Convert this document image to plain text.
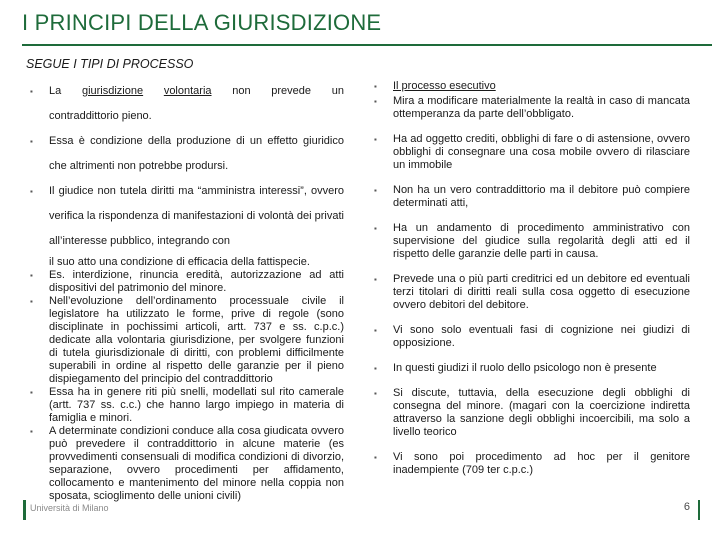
I PRINCIPI DELLA GIURISDIZIONE
SEGUE I TIPI DI PROCESSO
▪ La giurisdizione volontaria non prevede un
contraddittorio pieno.
▪ Essa è condizione della produzione di un effetto giuridico che altrimenti non potrebbe prodursi.
▪ Il giudice non tutela diritti ma “amministra interessi”, ovvero verifica la rispondenza di manifestazioni di volontà dei privati all’interesse pubblico, integrando con
il suo atto una condizione di efficacia della fattispecie.
▪ Es. interdizione, rinuncia eredità, autorizzazione ad atti dispositivi del patrimonio del minore.
▪ Nell’evoluzione dell’ordinamento processuale civile il legislatore ha utilizzato le forme, prive di regole (sono disciplinate in pochissimi articoli, artt. 737 e ss. c.p.c.) dedicate alla volontaria giurisdizione, per svolgere funzioni di tutela giurisdizionale di diritti, con problemi difficilmente superabili in ordine al rispetto delle garanzie per il pieno dispiegamento del principio del contraddittorio
▪ Essa ha in genere riti più snelli, modellati sul rito camerale (artt. 737 ss. c.c.) che hanno largo impiego in materia di famiglia e minori.
▪ A determinate condizioni conduce alla cosa giudicata ovvero può prevedere il contraddittorio in alcune materie (es provvedimenti consensuali di modifica condizioni di divorzio, separazione, ovvero procedimenti per affidamento, collocamento e mantenimento del minore nella coppia non sposata, scioglimento delle unioni civili)
▪ Il processo esecutivo
▪ Mira a modificare materialmente la realtà in caso di mancata ottemperanza da parte dell’obbligato.
▪ Ha ad oggetto crediti, obblighi di fare o di astensione, ovvero obblighi di consegnare una cosa mobile ovvero di rilasciare un immobile
▪ Non ha un vero contraddittorio ma il debitore può compiere determinati atti,
▪ Ha un andamento di procedimento amministrativo con supervisione del giudice sulla regolarità degli atti ed il rispetto delle garanzie delle parti in causa.
▪ Prevede una o più parti creditrici ed un debitore ed eventuali terzi titolari di diritti reali sulla cosa oggetto di esecuzione ovvero debitori del debitore.
▪ Vi sono solo eventuali fasi di cognizione nei giudizi di opposizione.
▪ In questi giudizi il ruolo dello psicologo non è presente
▪ Si discute, tuttavia, della esecuzione degli obblighi di consegna del minore. (magari con la coercizione indiretta attraverso la sanzione degli obblighi incoercibili, ma solo a livello teorico
▪ Vi sono poi procedimento ad hoc per il genitore inadempiente (709 ter c.p.c.)
Università di Milano	6
